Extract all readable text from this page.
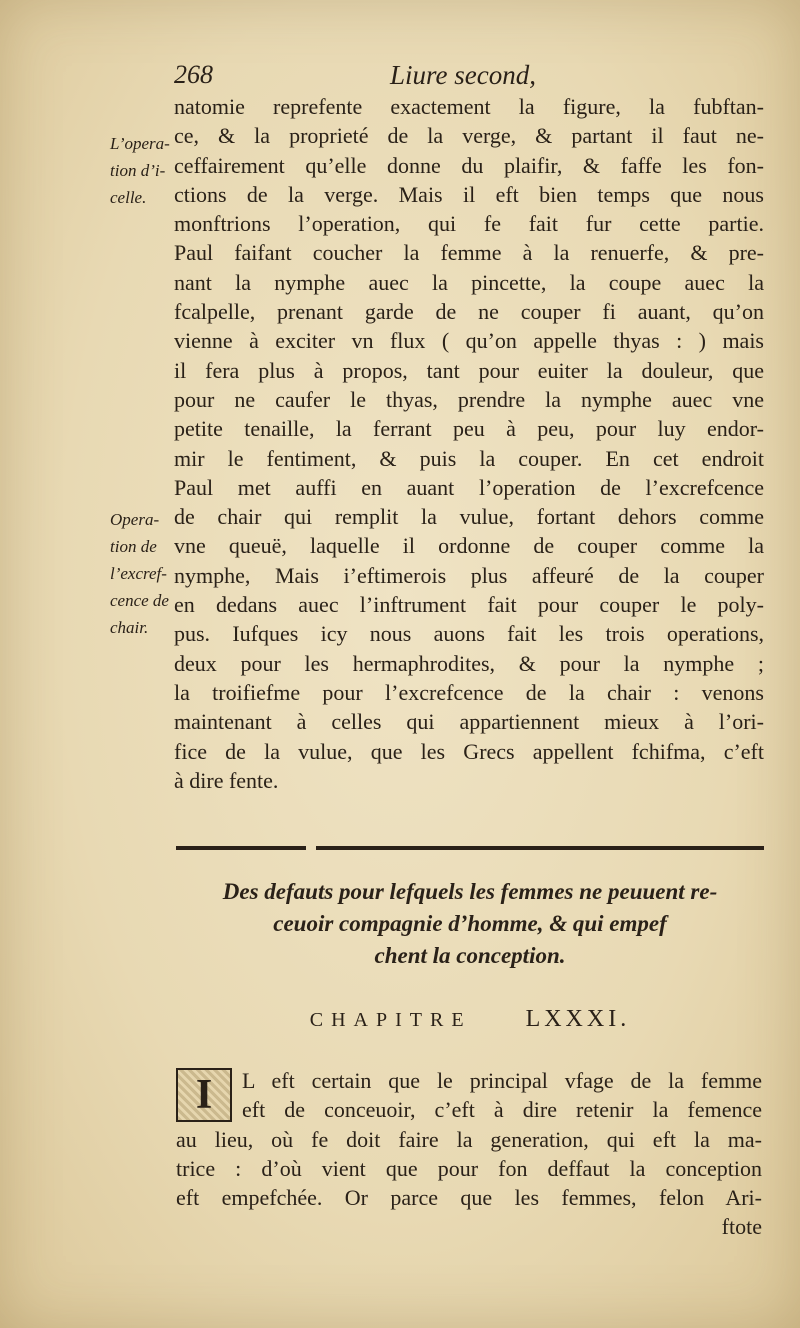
268	Liure second,
L’opera-
tion d’i-
celle.
Opera-
tion de
l’excref-
cence de
chair.
natomie reprefente exactement la figure, la fubftan-
ce, & la proprieté de la verge, & partant il faut ne-
ceffairement qu’elle donne du plaifir, & faffe les fon-
ctions de la verge. Mais il eft bien temps que nous
monftrions l’operation, qui fe fait fur cette partie.
Paul faifant coucher la femme à la renuerfe, & pre-
nant la nymphe auec la pincette, la coupe auec la
fcalpelle, prenant garde de ne couper fi auant, qu’on
vienne à exciter vn flux ( qu’on appelle thyas : ) mais
il fera plus à propos, tant pour euiter la douleur, que
pour ne caufer le thyas, prendre la nymphe auec vne
petite tenaille, la ferrant peu à peu, pour luy endor-
mir le fentiment, & puis la couper. En cet endroit
Paul met auffi en auant l’operation de l’excrefcence
de chair qui remplit la vulue, fortant dehors comme
vne queuë, laquelle il ordonne de couper comme la
nymphe, Mais i’eftimerois plus affeuré de la couper
en dedans auec l’inftrument fait pour couper le poly-
pus. Iufques icy nous auons fait les trois operations,
deux pour les hermaphrodites, & pour la nymphe ;
la troifiefme pour l’excrefcence de la chair : venons
maintenant à celles qui appartiennent mieux à l’ori-
fice de la vulue, que les Grecs appellent fchifma, c’eft
à dire fente.
Des defauts pour lefquels les femmes ne peuuent re-
ceuoir compagnie d’homme, & qui empef
chent la conception.
CHAPITRE LXXXI.
I	L eft certain que le principal vfage de la femme
eft de conceuoir, c’eft à dire retenir la femence
au lieu, où fe doit faire la generation, qui eft la ma-
trice : d’où vient que pour fon deffaut la conception
eft empefchée. Or parce que les femmes, felon Ari-
ftote
